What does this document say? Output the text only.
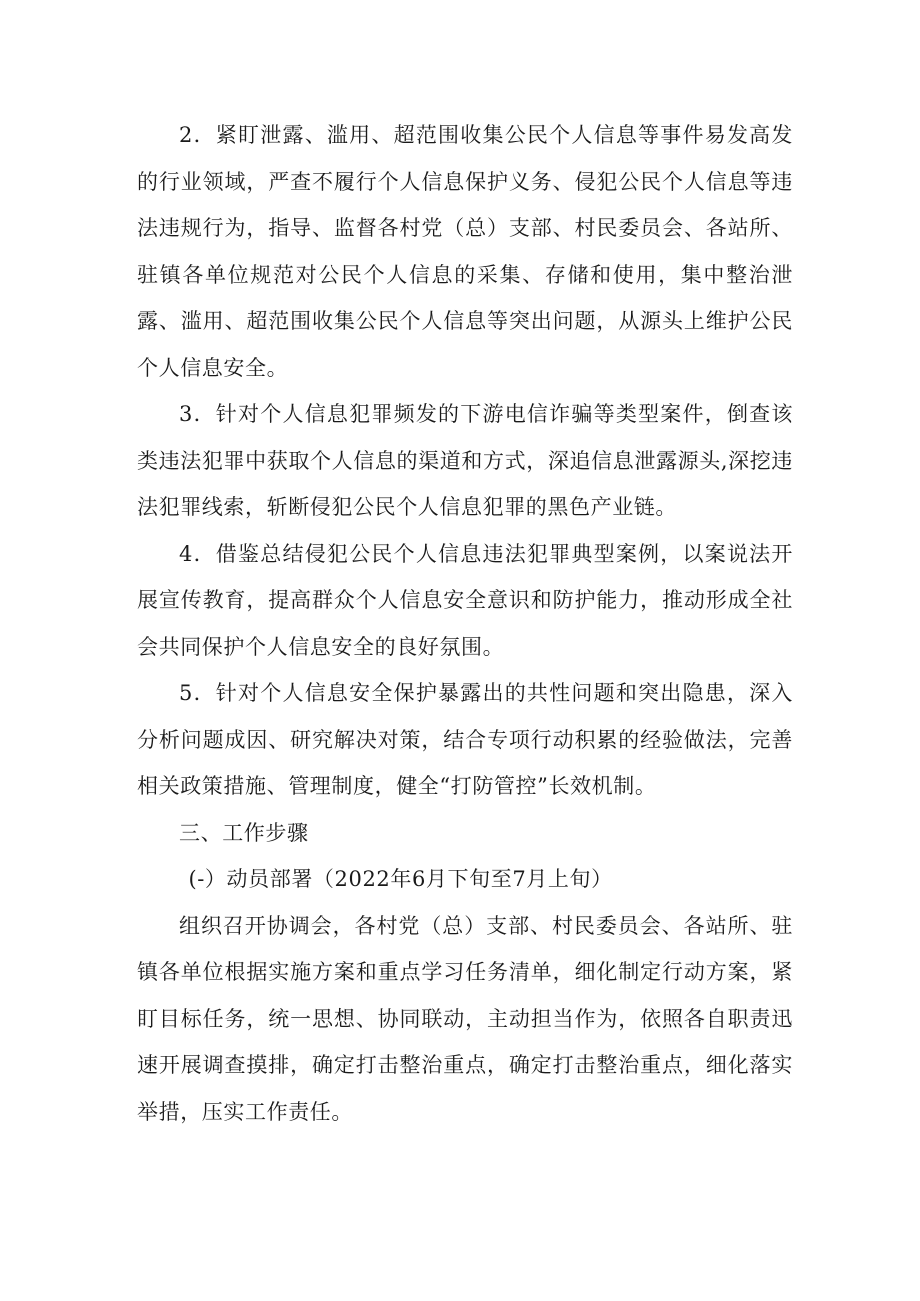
2．紧盯泄露、滥用、超范围收集公民个人信息等事件易发高发的行业领域，严查不履行个人信息保护义务、侵犯公民个人信息等违法违规行为，指导、监督各村党（总）支部、村民委员会、各站所、驻镇各单位规范对公民个人信息的采集、存储和使用，集中整治泄露、滥用、超范围收集公民个人信息等突出问题，从源头上维护公民个人信息安全。

3．针对个人信息犯罪频发的下游电信诈骗等类型案件，倒查该类违法犯罪中获取个人信息的渠道和方式，深追信息泄露源头,深挖违法犯罪线索，斩断侵犯公民个人信息犯罪的黑色产业链。

4．借鉴总结侵犯公民个人信息违法犯罪典型案例，以案说法开展宣传教育，提高群众个人信息安全意识和防护能力，推动形成全社会共同保护个人信息安全的良好氛围。

5．针对个人信息安全保护暴露出的共性问题和突出隐患，深入分析问题成因、研究解决对策，结合专项行动积累的经验做法，完善相关政策措施、管理制度，健全“打防管控”长效机制。

三、工作步骤

(-）动员部署（2022年6月下旬至7月上旬）

组织召开协调会，各村党（总）支部、村民委员会、各站所、驻镇各单位根据实施方案和重点学习任务清单，细化制定行动方案，紧盯目标任务，统一思想、协同联动，主动担当作为，依照各自职责迅速开展调查摸排，确定打击整治重点，确定打击整治重点，细化落实举措，压实工作责任。
